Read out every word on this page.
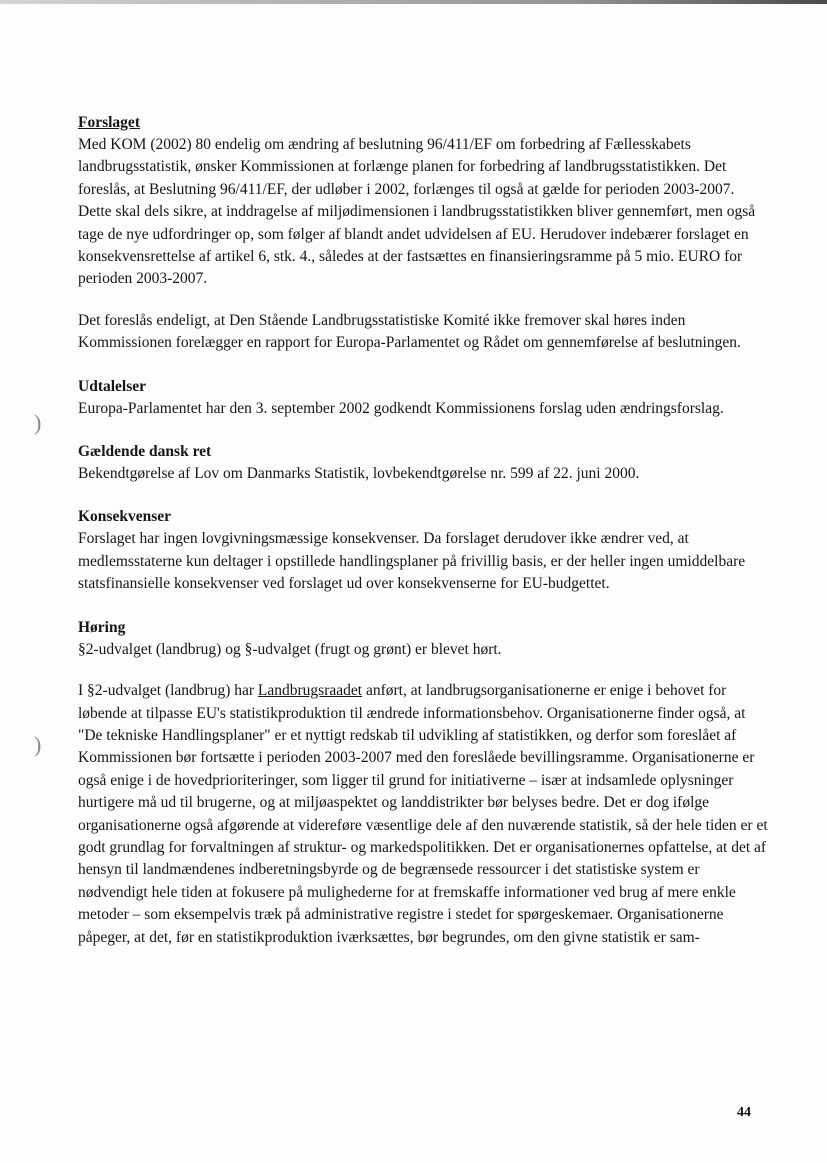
)
)

Forslaget

Med KOM (2002) 80 endelig om ændring af beslutning 96/411/EF om forbedring af Fællesskabets landbrugsstatistik, ønsker Kommissionen at forlænge planen for forbedring af landbrugsstatistikken. Det foreslås, at Beslutning 96/411/EF, der udløber i 2002, forlænges til også at gælde for perioden 2003-2007. Dette skal dels sikre, at inddragelse af miljødimensionen i landbrugsstatistikken bliver gennemført, men også tage de nye udfordringer op, som følger af blandt andet udvidelsen af EU. Herudover indebærer forslaget en konsekvensrettelse af artikel 6, stk. 4., således at der fastsættes en finansieringsramme på 5 mio. EURO for perioden 2003-2007.

Det foreslås endeligt, at Den Stående Landbrugsstatistiske Komité ikke fremover skal høres inden Kommissionen forelægger en rapport for Europa-Parlamentet og Rådet om gennemførelse af beslutningen.

Udtalelser

Europa-Parlamentet har den 3. september 2002 godkendt Kommissionens forslag uden ændringsforslag.

Gældende dansk ret

Bekendtgørelse af Lov om Danmarks Statistik, lovbekendtgørelse nr. 599 af 22. juni 2000.

Konsekvenser

Forslaget har ingen lovgivningsmæssige konsekvenser. Da forslaget derudover ikke ændrer ved, at medlemsstaterne kun deltager i opstillede handlingsplaner på frivillig basis, er der heller ingen umiddelbare statsfinansielle konsekvenser ved forslaget ud over konsekvenserne for EU-budgettet.

Høring

§2-udvalget (landbrug) og §-udvalget (frugt og grønt) er blevet hørt.

I §2-udvalget (landbrug) har Landbrugsraadet anført, at landbrugsorganisationerne er enige i behovet for løbende at tilpasse EU's statistikproduktion til ændrede informationsbehov. Organisationerne finder også, at "De tekniske Handlingsplaner" er et nyttigt redskab til udvikling af statistikken, og derfor som foreslået af Kommissionen bør fortsætte i perioden 2003-2007 med den foreslåede bevillingsramme. Organisationerne er også enige i de hovedprioriteringer, som ligger til grund for initiativerne – især at indsamlede oplysninger hurtigere må ud til brugerne, og at miljøaspektet og landdistrikter bør belyses bedre. Det er dog ifølge organisationerne også afgørende at videreføre væsentlige dele af den nuværende statistik, så der hele tiden er et godt grundlag for forvaltningen af struktur- og markedspolitikken. Det er organisationernes opfattelse, at det af hensyn til landmændenes indberetningsbyrde og de begrænsede ressourcer i det statistiske system er nødvendigt hele tiden at fokusere på mulighederne for at fremskaffe informationer ved brug af mere enkle metoder – som eksempelvis træk på administrative registre i stedet for spørgeskemaer. Organisationerne påpeger, at det, før en statistikproduktion iværksættes, bør begrundes, om den givne statistik er sam-

44
